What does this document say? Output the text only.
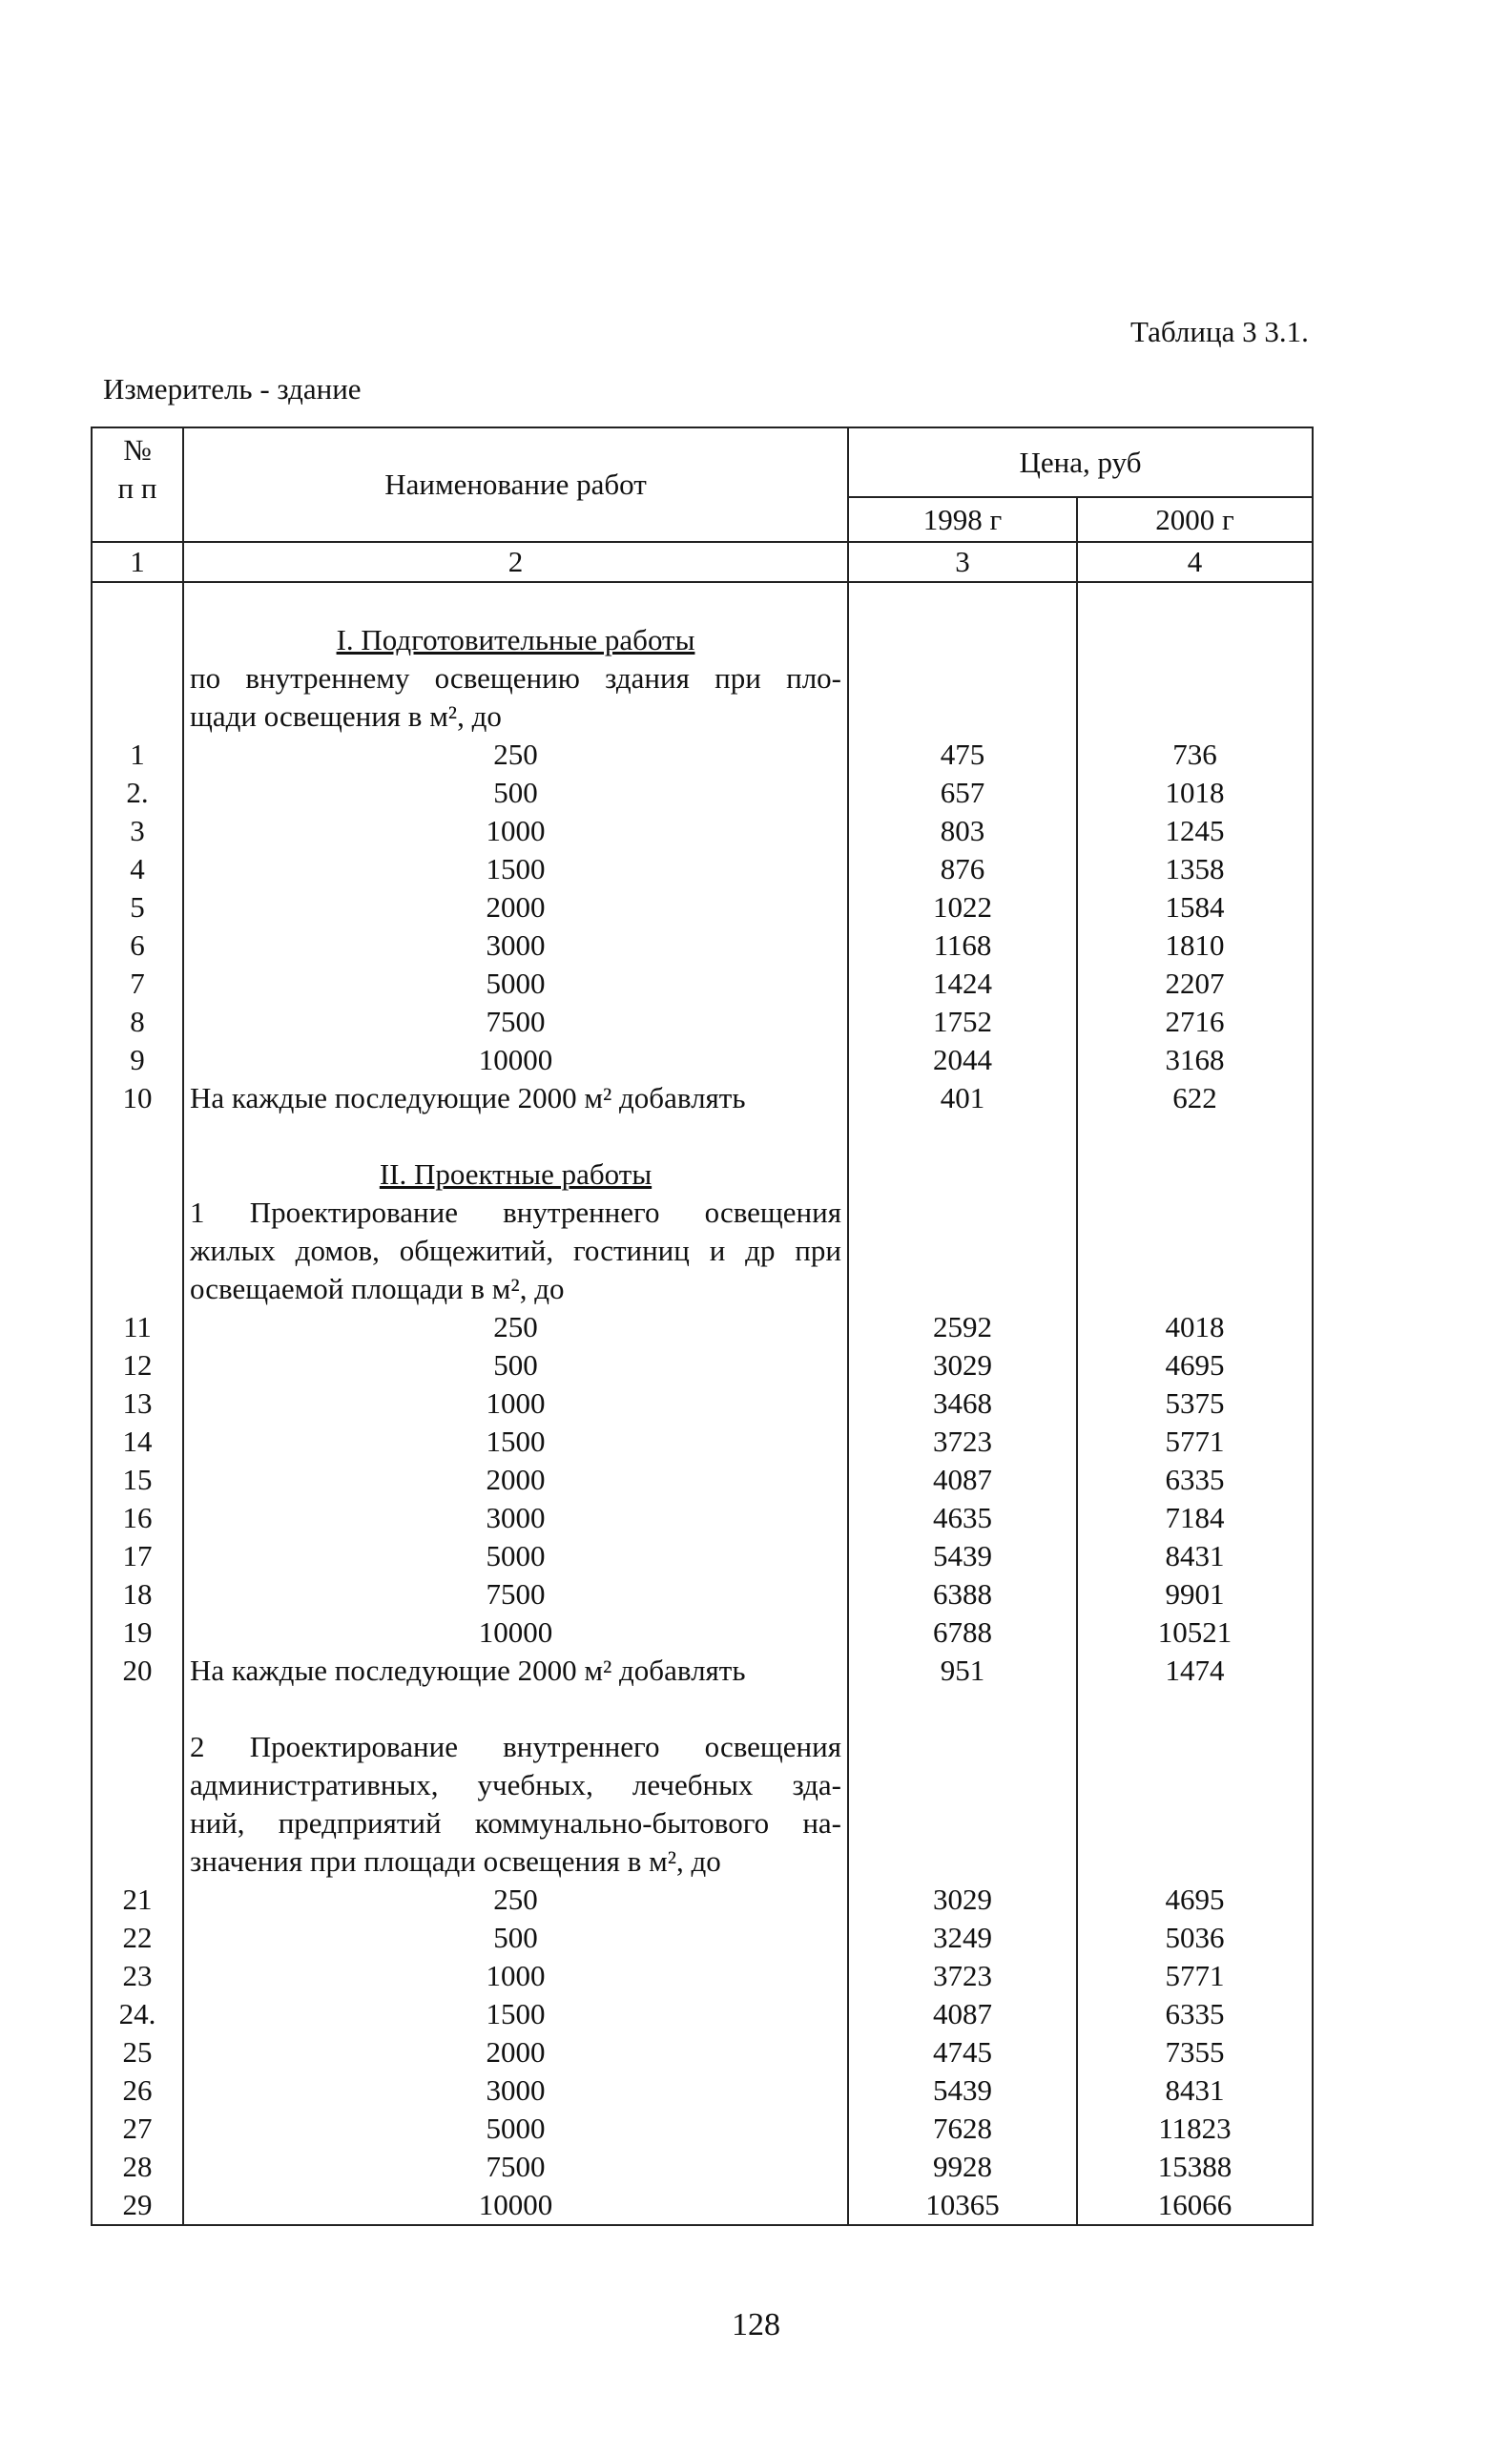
Таблица 3 3.1.
Измеритель - здание
№
п п	Наименование работ	Цена, руб	
		1998 г	2000 г
1	2	3	4

	I. Подготовительные работы		
	по внутреннему освещению здания при пло-		
	щади освещения в м², до		
1	250	475	736
2.	500	657	1018
3	1000	803	1245
4	1500	876	1358
5	2000	1022	1584
6	3000	1168	1810
7	5000	1424	2207
8	7500	1752	2716
9	10000	2044	3168
10	На каждые последующие 2000 м² добавлять	401	622

	II. Проектные работы		
	1 Проектирование внутреннего освещения		
	жилых домов, общежитий, гостиниц и др при		
	освещаемой площади в м², до		
11	250	2592	4018
12	500	3029	4695
13	1000	3468	5375
14	1500	3723	5771
15	2000	4087	6335
16	3000	4635	7184
17	5000	5439	8431
18	7500	6388	9901
19	10000	6788	10521
20	На каждые последующие 2000 м² добавлять	951	1474

	2 Проектирование внутреннего освещения		
	административных, учебных, лечебных зда-		
	ний, предприятий коммунально-бытового на-		
	значения при площади освещения в м², до		
21	250	3029	4695
22	500	3249	5036
23	1000	3723	5771
24.	1500	4087	6335
25	2000	4745	7355
26	3000	5439	8431
27	5000	7628	11823
28	7500	9928	15388
29	10000	10365	16066
128
